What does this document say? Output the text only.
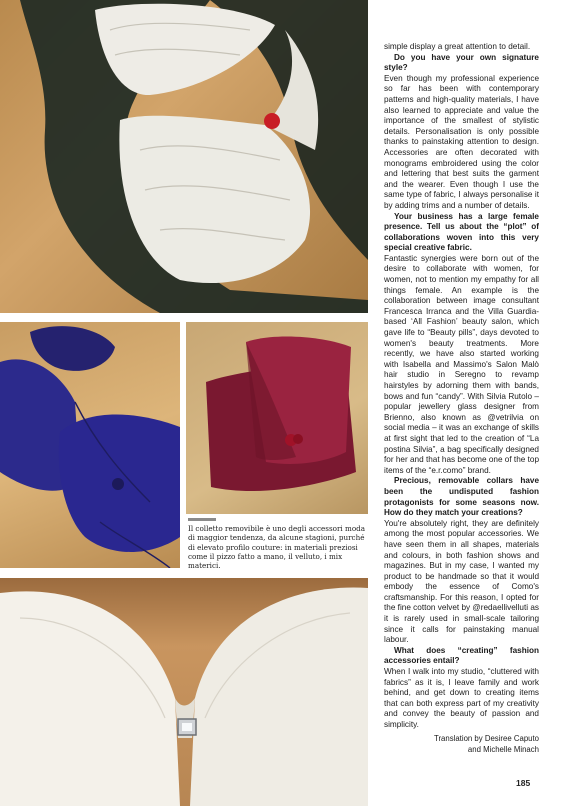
Il colletto removibile è uno degli accessori moda di maggior tendenza, da alcune stagioni, purché di elevato profilo couture: in materiali preziosi come il pizzo fatto a mano, il velluto, i mix materici.

simple display a great attention to detail.

Do you have your own signature style?

Even though my professional experience so far has been with contemporary patterns and high-quality materials, I have also learned to appreciate and value the importance of the smallest of stylistic details. Personalisation is only possible thanks to painstaking attention to design. Accessories are often decorated with monograms embroidered using the color and lettering that best suits the garment and the wearer. Even though I use the same type of fabric, I always personalise it by adding trims and a number of details.

Your business has a large female presence. Tell us about the “plot” of collaborations woven into this very special creative fabric.

Fantastic synergies were born out of the desire to collaborate with women, for women, not to mention my empathy for all things female. An example is the collaboration between image consultant Francesca Irranca and the Villa Guardia-based ‘All Fashion’ beauty salon, which gave life to “Beauty pills”, days devoted to women's beauty treatments. More recently, we have also started working with Isabella and Massimo's Salon Malò hair studio in Seregno to revamp hairstyles by adorning them with bands, bows and fun “candy”. With Silvia Rutolo – popular jewellery glass designer from Brienno, also known as @vetrilvia on social media – it was an exchange of skills at first sight that led to the creation of “La postina Silvia”, a bag specifically designed for her and that has become one of the top items of the “e.r.como” brand.

Precious, removable collars have been the undisputed fashion protagonists for some seasons now. How do they match your creations?

You're absolutely right, they are definitely among the most popular accessories. We have seen them in all shapes, materials and colours, in both fashion shows and magazines. But in my case, I wanted my product to be handmade so that it would embody the essence of Como's craftsmanship. For this reason, I opted for the fine cotton velvet by @redaellivelluti as it is rarely used in small-scale tailoring since it calls for painstaking manual labour.

What does “creating” fashion accessories entail?

When I walk into my studio, “cluttered with fabrics” as it is, I leave family and work behind, and get down to creating items that can both express part of my creativity and convey the beauty of passion and simplicity.

Translation by Desiree Caputo
and Michelle Minach

185
